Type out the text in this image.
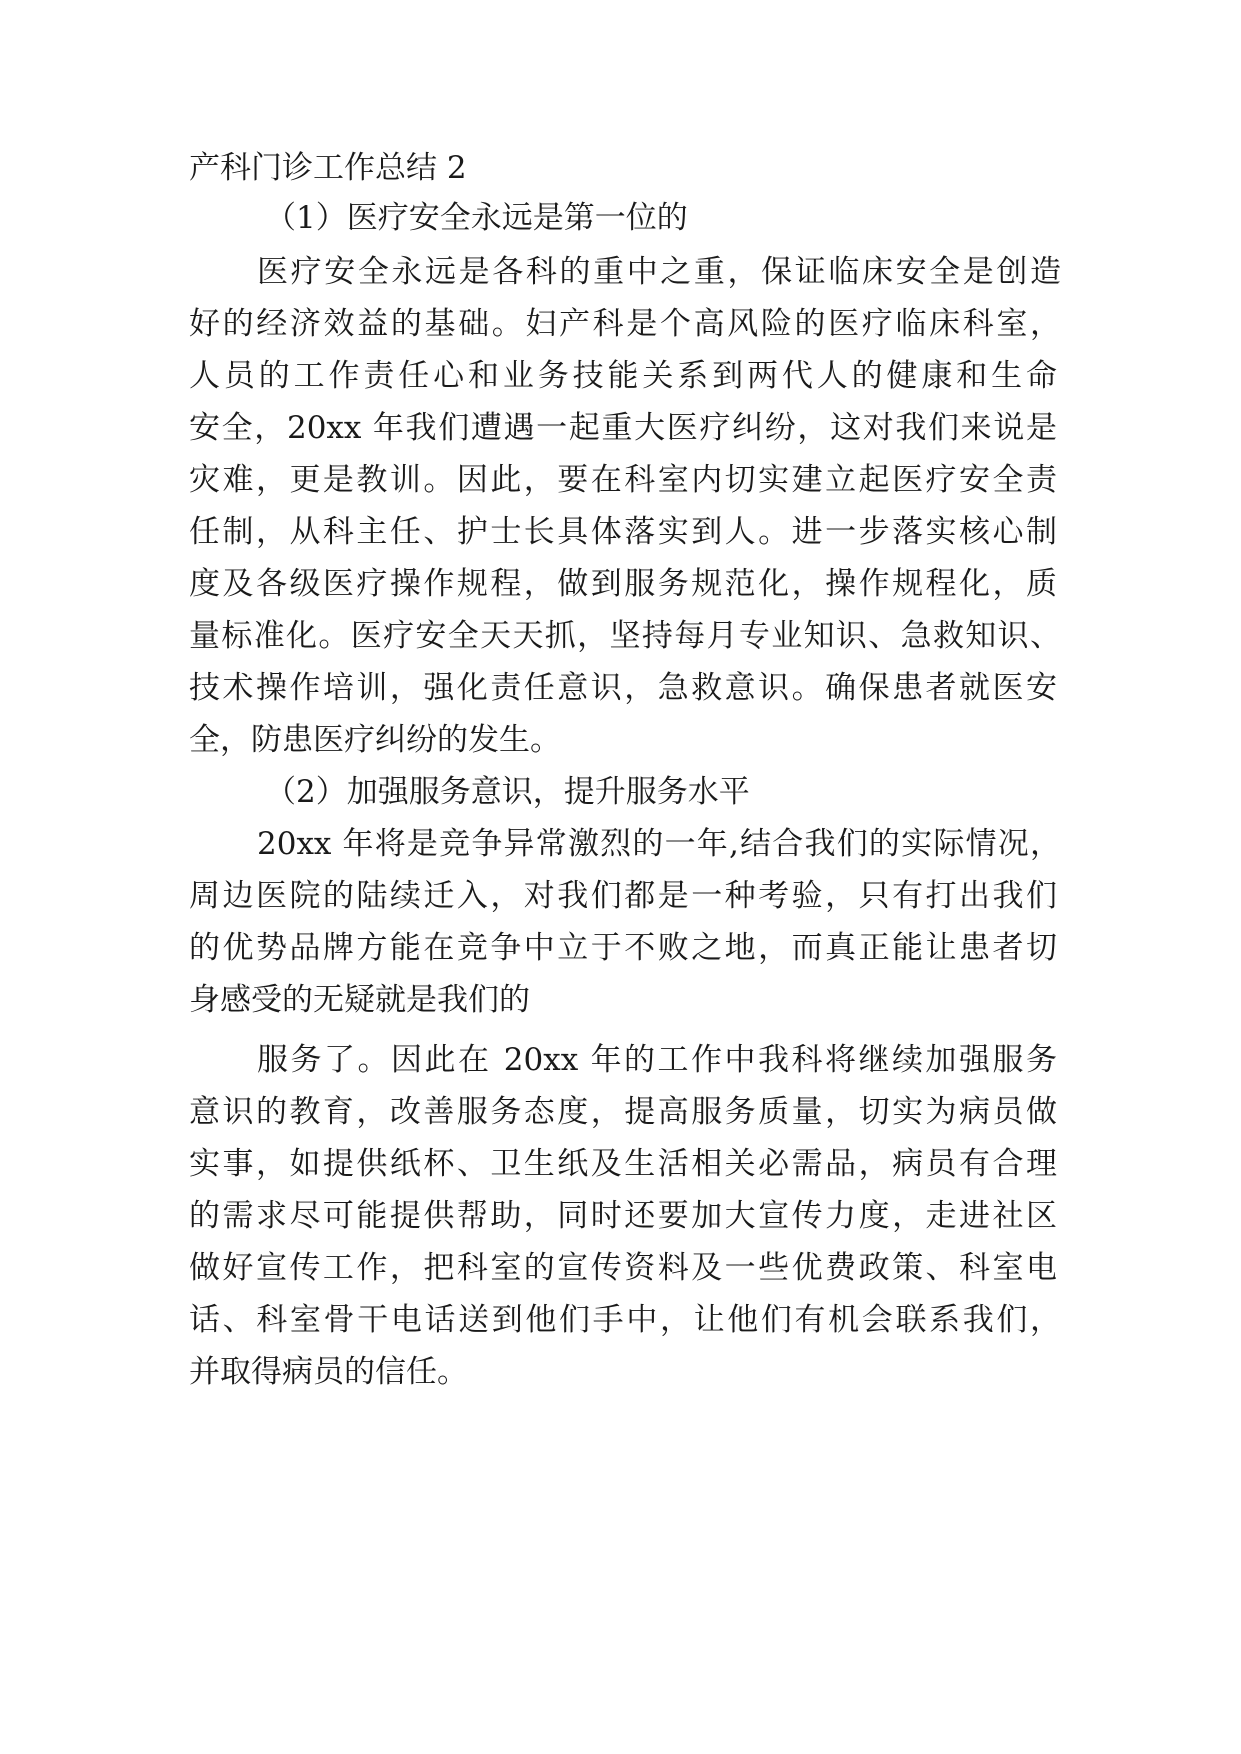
产科门诊工作总结 2

（1）医疗安全永远是第一位的

医疗安全永远是各科的重中之重，保证临床安全是创造

好的经济效益的基础。妇产科是个高风险的医疗临床科室，

人员的工作责任心和业务技能关系到两代人的健康和生命

安全，20xx 年我们遭遇一起重大医疗纠纷，这对我们来说是

灾难，更是教训。因此，要在科室内切实建立起医疗安全责

任制，从科主任、护士长具体落实到人。进一步落实核心制

度及各级医疗操作规程，做到服务规范化，操作规程化，质

量标准化。医疗安全天天抓，坚持每月专业知识、急救知识、

技术操作培训，强化责任意识，急救意识。确保患者就医安

全，防患医疗纠纷的发生。

（2）加强服务意识，提升服务水平

20xx 年将是竞争异常激烈的一年,结合我们的实际情况，

周边医院的陆续迁入，对我们都是一种考验，只有打出我们

的优势品牌方能在竞争中立于不败之地，而真正能让患者切

身感受的无疑就是我们的

服务了。因此在 20xx 年的工作中我科将继续加强服务

意识的教育，改善服务态度，提高服务质量，切实为病员做

实事，如提供纸杯、卫生纸及生活相关必需品，病员有合理

的需求尽可能提供帮助，同时还要加大宣传力度，走进社区

做好宣传工作，把科室的宣传资料及一些优费政策、科室电

话、科室骨干电话送到他们手中，让他们有机会联系我们，

并取得病员的信任。
